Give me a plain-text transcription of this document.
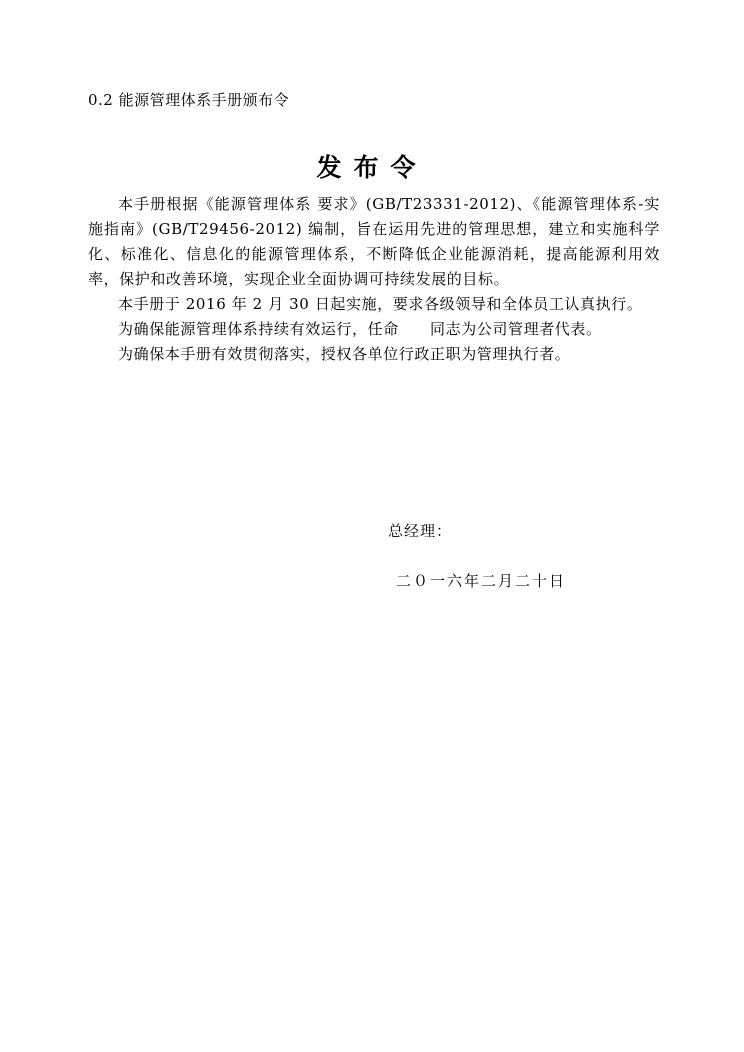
0.2 能源管理体系手册颁布令
发布令

本手册根据《能源管理体系 要求》(GB/T23331-2012)、《能源管理体系-实施指南》(GB/T29456-2012) 编制，旨在运用先进的管理思想，建立和实施科学化、标准化、信息化的能源管理体系，不断降低企业能源消耗，提高能源利用效率，保护和改善环境，实现企业全面协调可持续发展的目标。

本手册于 2016 年 2 月 30 日起实施，要求各级领导和全体员工认真执行。

为确保能源管理体系持续有效运行，任命　　同志为公司管理者代表。

为确保本手册有效贯彻落实，授权各单位行政正职为管理执行者。

总经理：
二０一六年二月二十日
